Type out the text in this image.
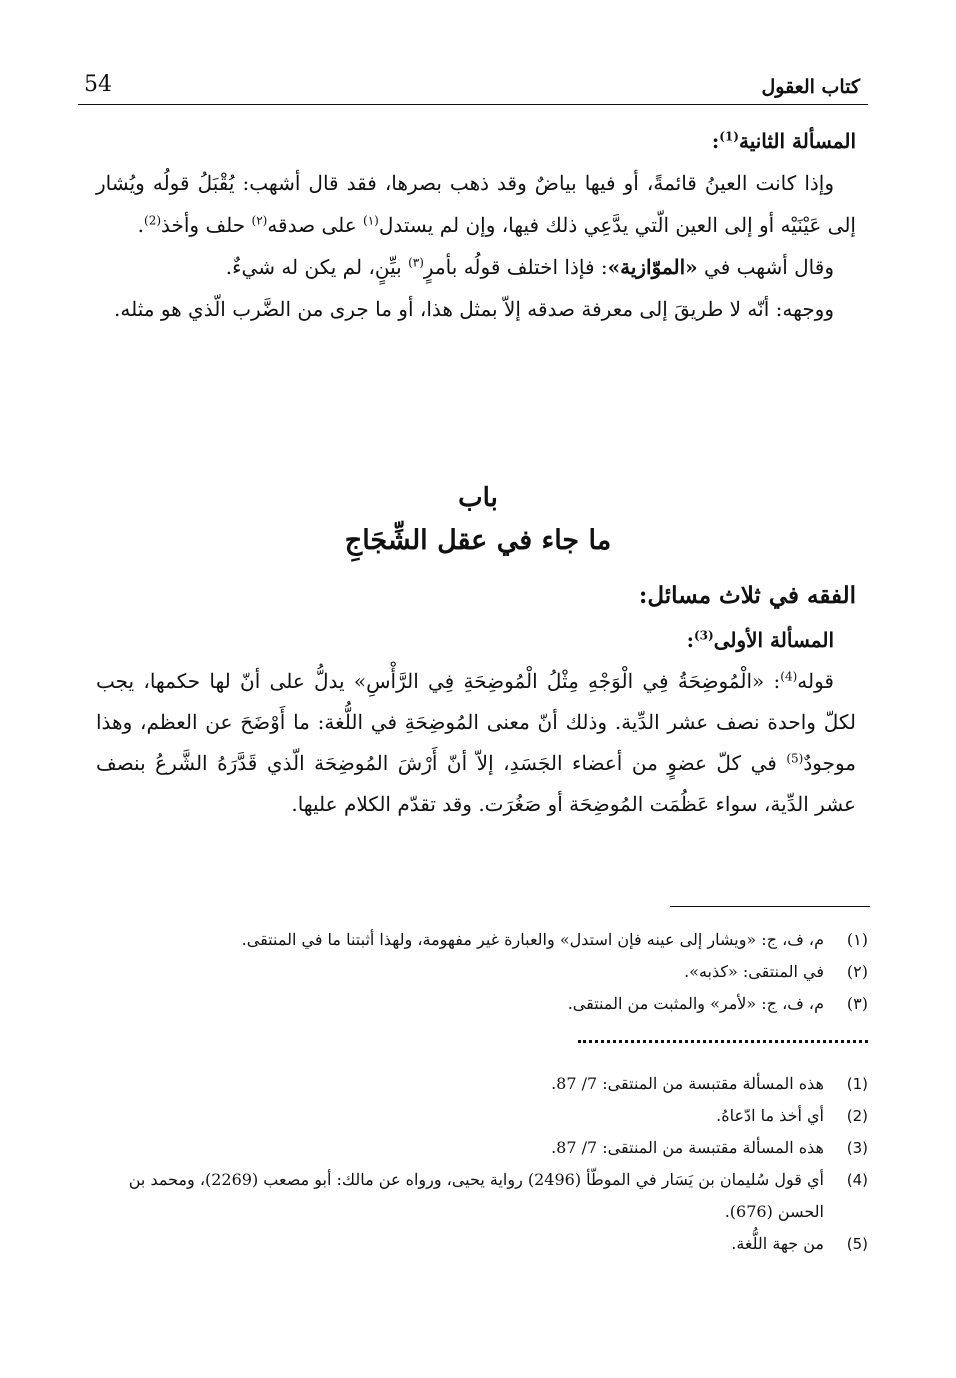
54	كتاب العقول

المسألة الثانية$^{(1)}$:

وإذا كانت العينُ قائمةً، أو فيها بياضٌ وقد ذهب بصرها، فقد قال أشهب: يُقْبَلُ قولُه ويُشار إلى عَيْنَيْه أو إلى العين الّتي يدَّعِي ذلك فيها، وإن لم يستدل$^{(١)}$ على صدقه$^{(٢)}$ حلف وأخذ$^{(2)}$.

وقال أشهب في «الموّازية»: فإذا اختلف قولُه بأمرٍ$^{(٣)}$ بيِّنٍ، لم يكن له شيءٌ.

ووجهه: أنّه لا طريقَ إلى معرفة صدقه إلاّ بمثل هذا، أو ما جرى من الضَّرب الّذي هو مثله.

باب
ما جاء في عقل الشِّجَاجِ

الفقه في ثلاث مسائل:

المسألة الأولى$^{(3)}$:

قوله$^{(4)}$: «الْمُوضِحَةُ فِي الْوَجْهِ مِثْلُ الْمُوضِحَةِ فِي الرَّأْسِ» يدلُّ على أنّ لها حكمها، يجب لكلّ واحدة نصف عشر الدِّية. وذلك أنّ معنى المُوضِحَةِ في اللُّغة: ما أَوْضَحَ عن العظم، وهذا موجودٌ$^{(5)}$ في كلّ عضوٍ من أعضاء الجَسَدِ، إلاّ أنّ أَرْشَ المُوضِحَة الّذي قَدَّرَهُ الشَّرعُ بنصف عشر الدِّية، سواء عَظُمَت المُوضِحَة أو صَغُرَت. وقد تقدّم الكلام عليها.

(١)
م، ف، ج: «ويشار إلى عينه فإن استدل» والعبارة غير مفهومة، ولهذا أثبتنا ما في المنتقى.

(٢)
في المنتقى: «كذبه».

(٣)
م، ف، ج: «لأمر» والمثبت من المنتقى.

(1)
هذه المسألة مقتبسة من المنتقى: 7/ 87.

(2)
أي أخذ ما ادّعاهُ.

(3)
هذه المسألة مقتبسة من المنتقى: 7/ 87.

(4)
أي قول سُليمان بن يَسَار في الموطّأ (2496) رواية يحيى، ورواه عن مالك: أبو مصعب (2269)، ومحمد بن الحسن (676).

(5)
من جهة اللُّغة.
